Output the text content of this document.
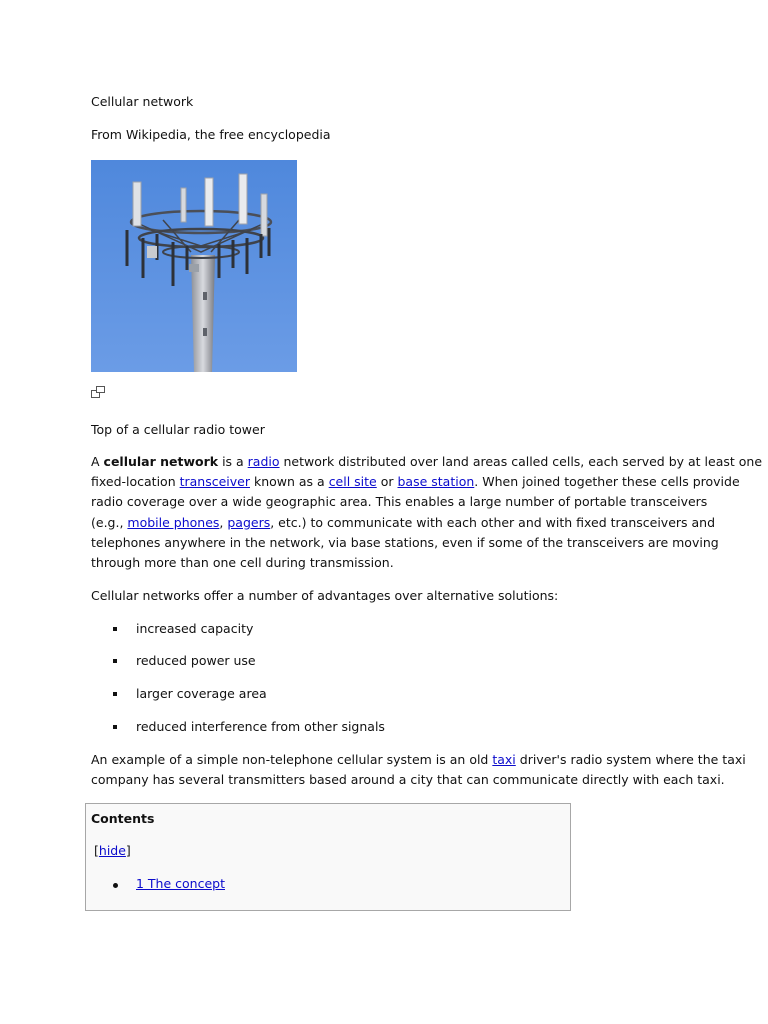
Cellular network
From Wikipedia, the free encyclopedia
Top of a cellular radio tower
A cellular network is a radio network distributed over land areas called cells, each served by at least one
fixed-location transceiver known as a cell site or base station. When joined together these cells provide
radio coverage over a wide geographic area. This enables a large number of portable transceivers
(e.g., mobile phones, pagers, etc.) to communicate with each other and with fixed transceivers and
telephones anywhere in the network, via base stations, even if some of the transceivers are moving
through more than one cell during transmission.
Cellular networks offer a number of advantages over alternative solutions:
increased capacity
reduced power use
larger coverage area
reduced interference from other signals
An example of a simple non-telephone cellular system is an old taxi driver's radio system where the taxi
company has several transmitters based around a city that can communicate directly with each taxi.
Contents
[hide]
1 The concept
